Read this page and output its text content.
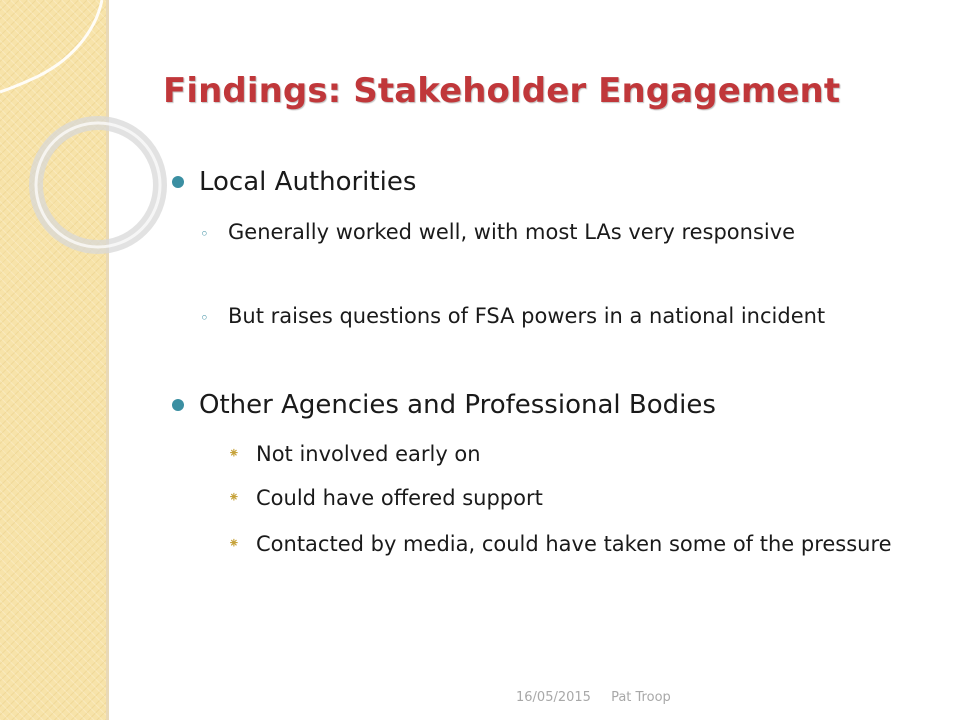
Findings: Stakeholder Engagement
Local Authorities
◦ Generally worked well, with most LAs very responsive
◦ But raises questions of FSA powers in a national incident
Other Agencies and Professional Bodies
⁕ Not involved early on
⁕ Could have offered support
⁕ Contacted by media, could have taken some of the pressure
16/05/2015 Pat Troop
